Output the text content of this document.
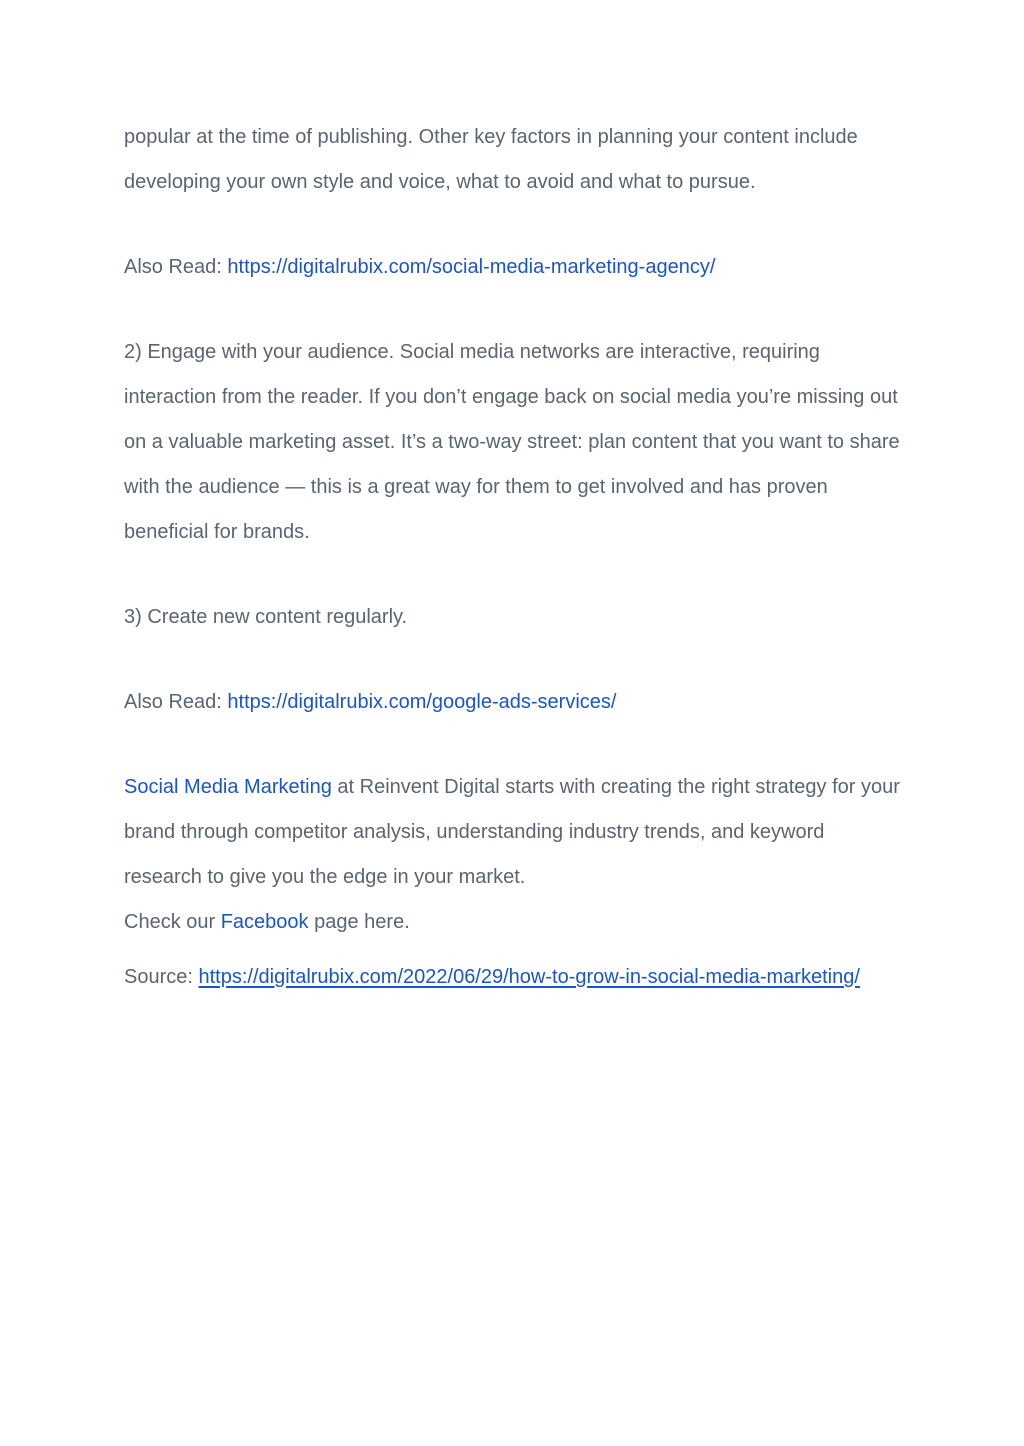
popular at the time of publishing. Other key factors in planning your content include developing your own style and voice, what to avoid and what to pursue.

Also Read: https://digitalrubix.com/social-media-marketing-agency/

2) Engage with your audience. Social media networks are interactive, requiring interaction from the reader. If you don’t engage back on social media you’re missing out on a valuable marketing asset. It’s a two-way street: plan content that you want to share with the audience — this is a great way for them to get involved and has proven beneficial for brands.

3) Create new content regularly.

Also Read: https://digitalrubix.com/google-ads-services/

Social Media Marketing at Reinvent Digital starts with creating the right strategy for your brand through competitor analysis, understanding industry trends, and keyword research to give you the edge in your market.

Check our Facebook page here.

Source: https://digitalrubix.com/2022/06/29/how-to-grow-in-social-media-marketing/
